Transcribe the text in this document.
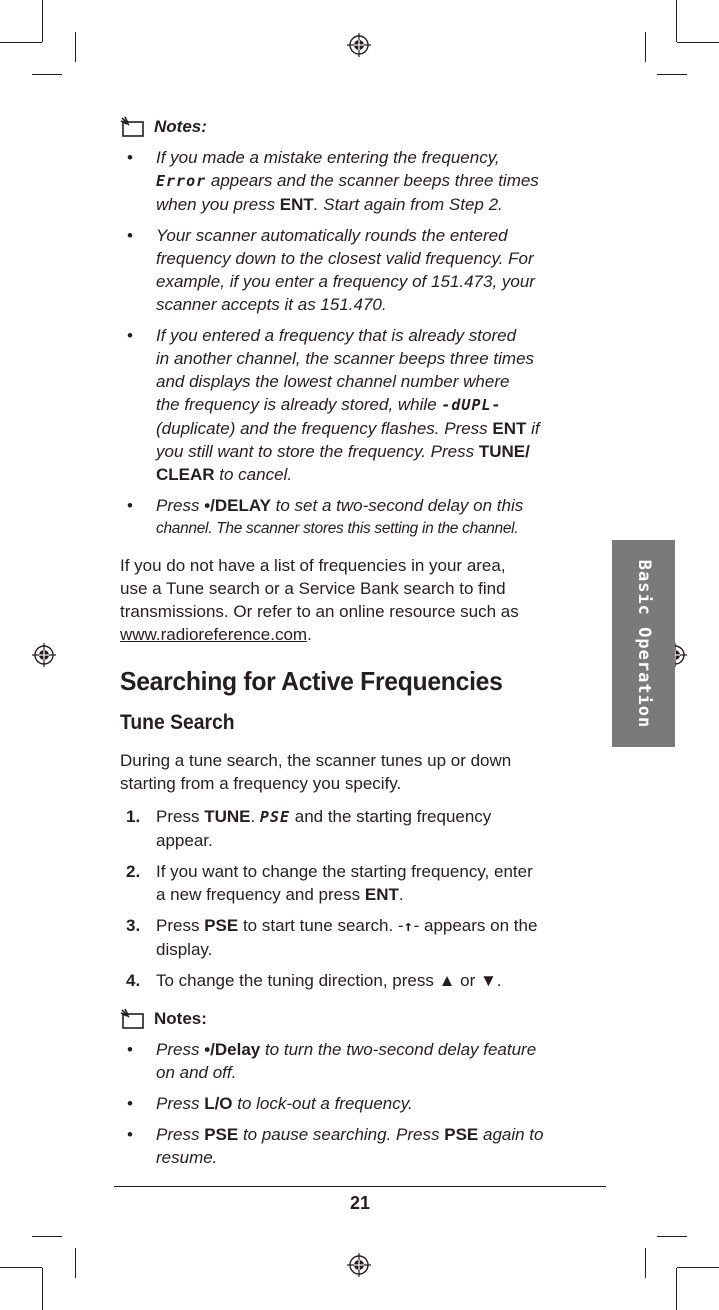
Basic Operation
Notes:
• If you made a mistake entering the frequency,
Error appears and the scanner beeps three times
when you press ENT. Start again from Step 2.
• Your scanner automatically rounds the entered
frequency down to the closest valid frequency. For
example, if you enter a frequency of 151.473, your
scanner accepts it as 151.470.
• If you entered a frequency that is already stored
in another channel, the scanner beeps three times
and displays the lowest channel number where
the frequency is already stored, while -dUPL-
(duplicate) and the frequency flashes. Press ENT if
you still want to store the frequency. Press TUNE/
CLEAR to cancel.
• Press •/DELAY to set a two-second delay on this
channel. The scanner stores this setting in the channel.
If you do not have a list of frequencies in your area,
use a Tune search or a Service Bank search to find
transmissions. Or refer to an online resource such as
www.radioreference.com.
Searching for Active Frequencies
Tune Search
During a tune search, the scanner tunes up or down
starting from a frequency you specify.
1. Press TUNE. PSE and the starting frequency
appear.
2. If you want to change the starting frequency, enter
a new frequency and press ENT.
3. Press PSE to start tune search. -↑- appears on the
display.
4. To change the tuning direction, press ▲ or ▼.
Notes:
• Press •/Delay to turn the two-second delay feature
on and off.
• Press L/O to lock-out a frequency.
• Press PSE to pause searching. Press PSE again to
resume.
21
